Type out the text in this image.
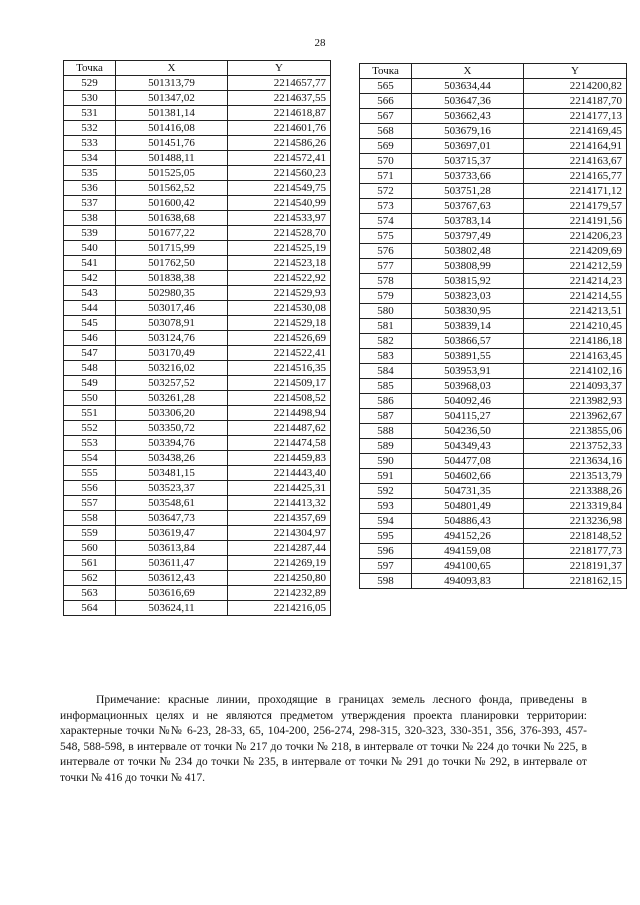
28
Точка	X	Y
529	501313,79	2214657,77
530	501347,02	2214637,55
531	501381,14	2214618,87
532	501416,08	2214601,76
533	501451,76	2214586,26
534	501488,11	2214572,41
535	501525,05	2214560,23
536	501562,52	2214549,75
537	501600,42	2214540,99
538	501638,68	2214533,97
539	501677,22	2214528,70
540	501715,99	2214525,19
541	501762,50	2214523,18
542	501838,38	2214522,92
543	502980,35	2214529,93
544	503017,46	2214530,08
545	503078,91	2214529,18
546	503124,76	2214526,69
547	503170,49	2214522,41
548	503216,02	2214516,35
549	503257,52	2214509,17
550	503261,28	2214508,52
551	503306,20	2214498,94
552	503350,72	2214487,62
553	503394,76	2214474,58
554	503438,26	2214459,83
555	503481,15	2214443,40
556	503523,37	2214425,31
557	503548,61	2214413,32
558	503647,73	2214357,69
559	503619,47	2214304,97
560	503613,84	2214287,44
561	503611,47	2214269,19
562	503612,43	2214250,80
563	503616,69	2214232,89
564	503624,11	2214216,05
Точка	X	Y
565	503634,44	2214200,82
566	503647,36	2214187,70
567	503662,43	2214177,13
568	503679,16	2214169,45
569	503697,01	2214164,91
570	503715,37	2214163,67
571	503733,66	2214165,77
572	503751,28	2214171,12
573	503767,63	2214179,57
574	503783,14	2214191,56
575	503797,49	2214206,23
576	503802,48	2214209,69
577	503808,99	2214212,59
578	503815,92	2214214,23
579	503823,03	2214214,55
580	503830,95	2214213,51
581	503839,14	2214210,45
582	503866,57	2214186,18
583	503891,55	2214163,45
584	503953,91	2214102,16
585	503968,03	2214093,37
586	504092,46	2213982,93
587	504115,27	2213962,67
588	504236,50	2213855,06
589	504349,43	2213752,33
590	504477,08	2213634,16
591	504602,66	2213513,79
592	504731,35	2213388,26
593	504801,49	2213319,84
594	504886,43	2213236,98
595	494152,26	2218148,52
596	494159,08	2218177,73
597	494100,65	2218191,37
598	494093,83	2218162,15

Примечание: красные линии, проходящие в границах земель лесного фонда, приведены в информационных целях и не являются предметом утверждения проекта планировки территории: характерные точки №№ 6-23, 28-33, 65, 104-200, 256-274, 298-315, 320-323, 330-351, 356, 376-393, 457-548, 588-598, в интервале от точки № 217 до точки № 218, в интервале от точки № 224 до точки № 225, в интервале от точки № 234 до точки № 235, в интервале от точки № 291 до точки № 292, в интервале от точки № 416 до точки № 417.
